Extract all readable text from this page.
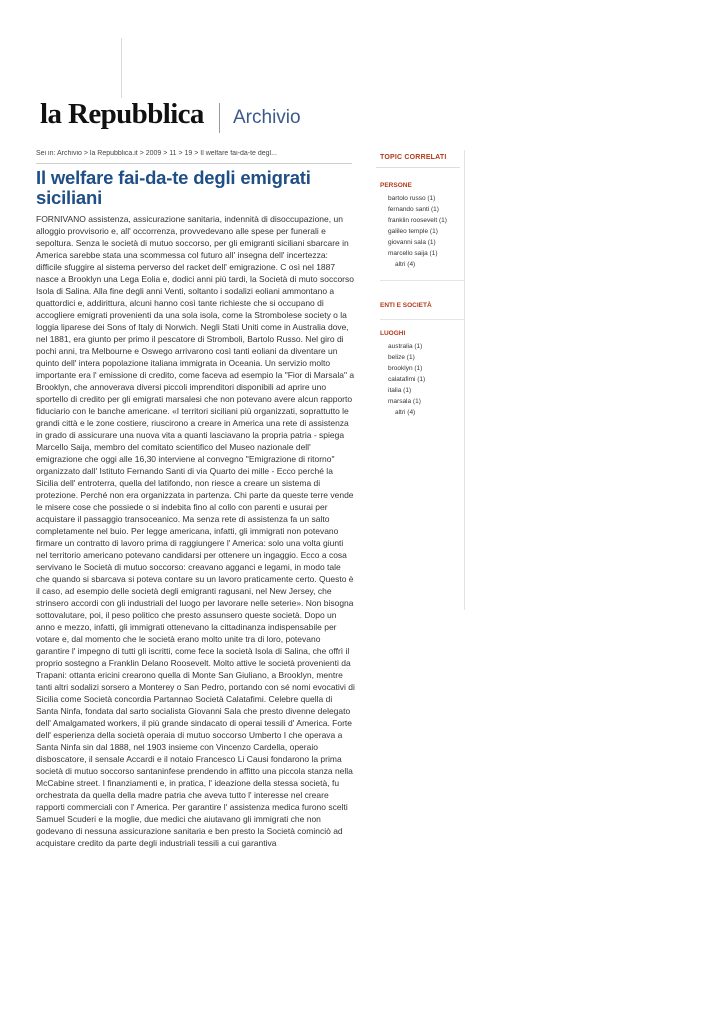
la Repubblica Archivio
Sei in: Archivio > la Repubblica.it > 2009 > 11 > 19 > Il welfare fai-da-te degl...
Il welfare fai-da-te degli emigrati siciliani

FORNIVANO assistenza, assicurazione sanitaria, indennità di disoccupazione, un alloggio provvisorio e, all' occorrenza, provvedevano alle spese per funerali e sepoltura. Senza le società di mutuo soccorso, per gli emigranti siciliani sbarcare in America sarebbe stata una scommessa col futuro all' insegna dell' incertezza: difficile sfuggire al sistema perverso del racket dell' emigrazione. C osì nel 1887 nasce a Brooklyn una Lega Eolia e, dodici anni più tardi, la Società di muto soccorso Isola di Salina. Alla fine degli anni Venti, soltanto i sodalizi eoliani ammontano a quattordici e, addirittura, alcuni hanno così tante richieste che si occupano di accogliere emigrati provenienti da una sola isola, come la Strombolese society o la loggia liparese dei Sons of Italy di Norwich. Negli Stati Uniti come in Australia dove, nel 1881, era giunto per primo il pescatore di Stromboli, Bartolo Russo. Nel giro di pochi anni, tra Melbourne e Oswego arrivarono così tanti eoliani da diventare un quinto dell' intera popolazione italiana immigrata in Oceania. Un servizio molto importante era l' emissione di credito, come faceva ad esempio la "Fior di Marsala" a Brooklyn, che annoverava diversi piccoli imprenditori disponibili ad aprire uno sportello di credito per gli emigrati marsalesi che non potevano avere alcun rapporto fiduciario con le banche americane. «I territori siciliani più organizzati, soprattutto le grandi città e le zone costiere, riuscirono a creare in America una rete di assistenza in grado di assicurare una nuova vita a quanti lasciavano la propria patria - spiega Marcello Saija, membro del comitato scientifico del Museo nazionale dell' emigrazione che oggi alle 16,30 interviene al convegno "Emigrazione di ritorno" organizzato dall' Istituto Fernando Santi di via Quarto dei mille - Ecco perché la Sicilia dell' entroterra, quella del latifondo, non riesce a creare un sistema di protezione. Perché non era organizzata in partenza. Chi parte da queste terre vende le misere cose che possiede o si indebita fino al collo con parenti e usurai per acquistare il passaggio transoceanico. Ma senza rete di assistenza fa un salto completamente nel buio. Per legge americana, infatti, gli immigrati non potevano firmare un contratto di lavoro prima di raggiungere l' America: solo una volta giunti nel territorio americano potevano candidarsi per ottenere un ingaggio. Ecco a cosa servivano le Società di mutuo soccorso: creavano agganci e legami, in modo tale che quando si sbarcava si poteva contare su un lavoro praticamente certo. Questo è il caso, ad esempio delle società degli emigranti ragusani, nel New Jersey, che strinsero accordi con gli industriali del luogo per lavorare nelle seterie». Non bisogna sottovalutare, poi, il peso politico che presto assunsero queste società. Dopo un anno e mezzo, infatti, gli immigrati ottenevano la cittadinanza indispensabile per votare e, dal momento che le società erano molto unite tra di loro, potevano garantire l' impegno di tutti gli iscritti, come fece la società Isola di Salina, che offrì il proprio sostegno a Franklin Delano Roosevelt. Molto attive le società provenienti da Trapani: ottanta ericini crearono quella di Monte San Giuliano, a Brooklyn, mentre tanti altri sodalizi sorsero a Monterey o San Pedro, portando con sé nomi evocativi di Sicilia come Società concordia Partannao Società Calatafimi. Celebre quella di Santa Ninfa, fondata dal sarto socialista Giovanni Sala che presto divenne delegato dell' Amalgamated workers, il più grande sindacato di operai tessili d' America. Forte dell' esperienza della società operaia di mutuo soccorso Umberto I che operava a Santa Ninfa sin dal 1888, nel 1903 insieme con Vincenzo Cardella, operaio disboscatore, il sensale Accardi e il notaio Francesco Li Causi fondarono la prima società di mutuo soccorso santaninfese prendendo in affitto una piccola stanza nella McCabine street. I finanziamenti e, in pratica, l' ideazione della stessa società, fu orchestrata da quella della madre patria che aveva tutto l' interesse nel creare rapporti commerciali con l' America. Per garantire l' assistenza medica furono scelti Samuel Scuderi e la moglie, due medici che aiutavano gli immigrati che non godevano di nessuna assicurazione sanitaria e ben presto la Società cominciò ad acquistare credito da parte degli industriali tessili a cui garantiva

TOPIC CORRELATI
PERSONE
bartolo russo (1)
fernando santi (1)
franklin roosevelt (1)
galileo temple (1)
giovanni sala (1)
marcello saija (1)
altri (4)
ENTI E SOCIETÀ
LUOGHI
australia (1)
belize (1)
brooklyn (1)
calatafimi (1)
italia (1)
marsala (1)
altri (4)
